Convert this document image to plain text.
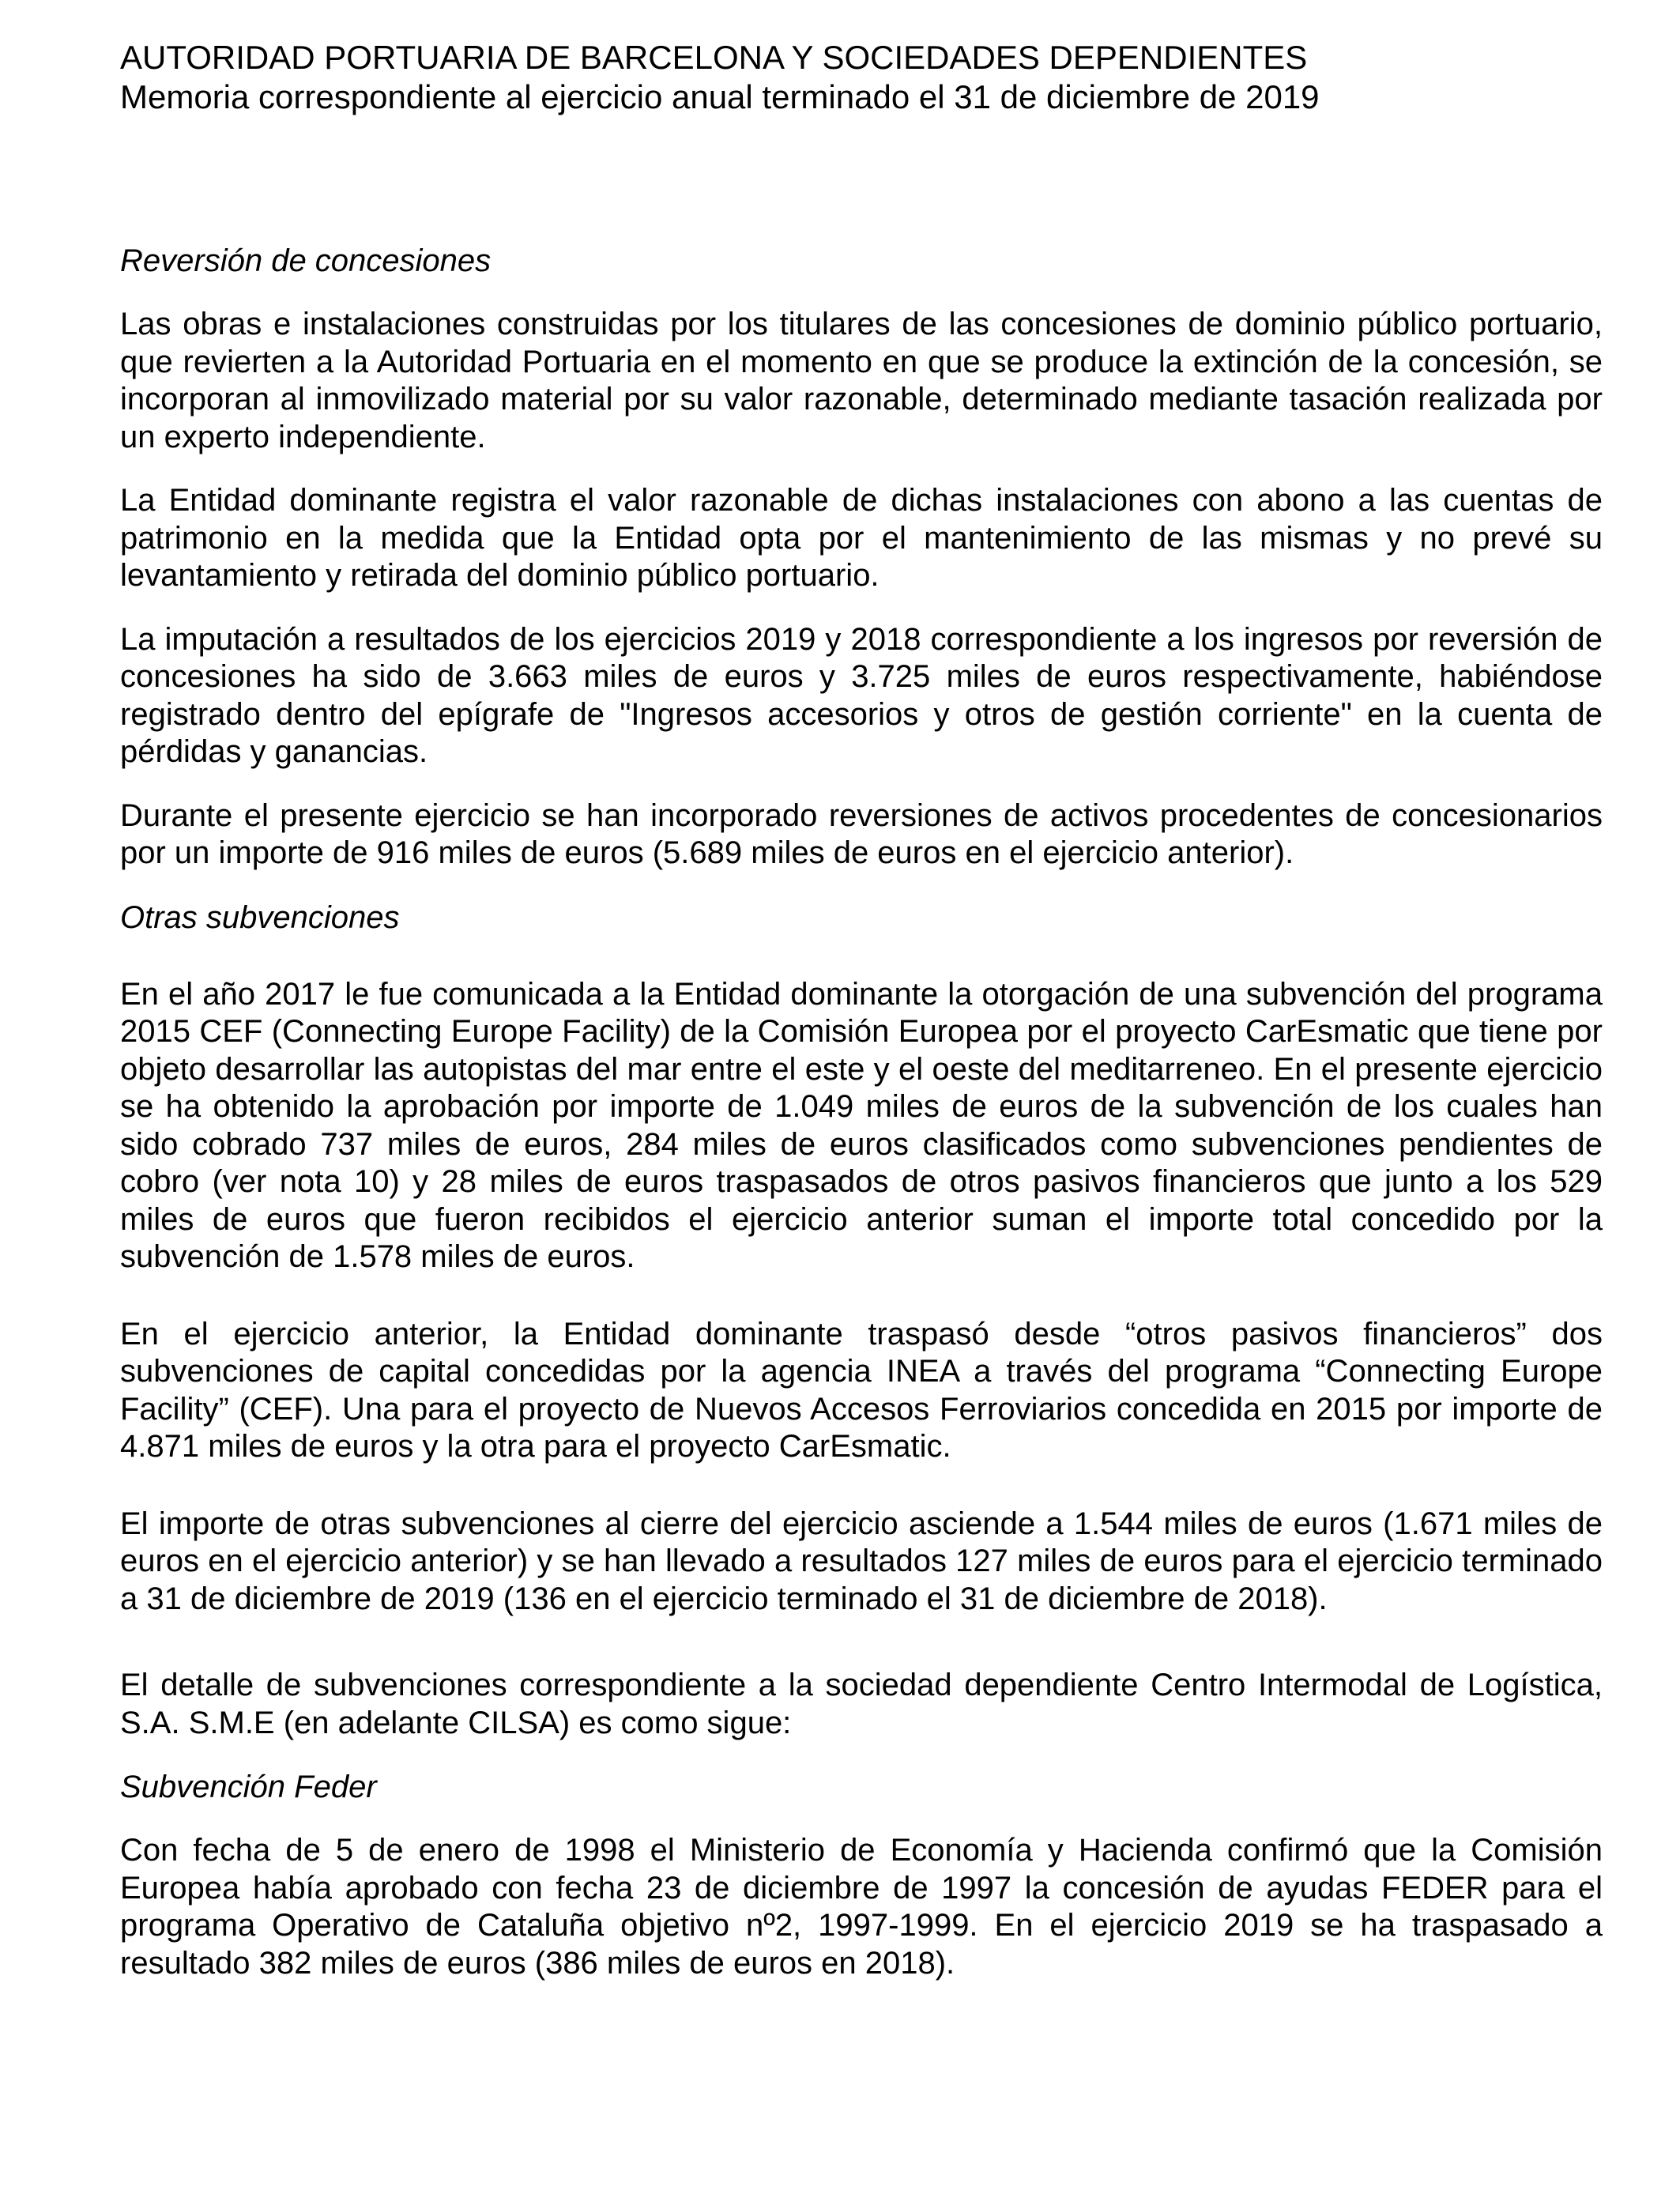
AUTORIDAD PORTUARIA DE BARCELONA Y SOCIEDADES DEPENDIENTES

Memoria correspondiente al ejercicio anual terminado el 31 de diciembre de 2019

Reversión de concesiones

Las obras e instalaciones construidas por los titulares de las concesiones de dominio público portuario, que revierten a la Autoridad Portuaria en el momento en que se produce la extinción de la concesión, se incorporan al inmovilizado material por su valor razonable, determinado mediante tasación realizada por un experto independiente.

La Entidad dominante registra el valor razonable de dichas instalaciones con abono a las cuentas de patrimonio en la medida que la Entidad opta por el mantenimiento de las mismas y no prevé su levantamiento y retirada del dominio público portuario.

La imputación a resultados de los ejercicios 2019 y 2018 correspondiente a los ingresos por reversión de concesiones ha sido de 3.663 miles de euros y 3.725 miles de euros respectivamente, habiéndose registrado dentro del epígrafe de "Ingresos accesorios y otros de gestión corriente" en la cuenta de pérdidas y ganancias.

Durante el presente ejercicio se han incorporado reversiones de activos procedentes de concesionarios por un importe de 916 miles de euros (5.689 miles de euros en el ejercicio anterior).

Otras subvenciones

En el año 2017 le fue comunicada a la Entidad dominante la otorgación de una subvención del programa 2015 CEF (Connecting Europe Facility) de la Comisión Europea por el proyecto CarEsmatic que tiene por objeto desarrollar las autopistas del mar entre el este y el oeste del meditarreneo. En el presente ejercicio se ha obtenido la aprobación por importe de 1.049 miles de euros de la subvención de los cuales han sido cobrado 737 miles de euros, 284 miles de euros clasificados como subvenciones pendientes de cobro (ver nota 10) y 28 miles de euros traspasados de otros pasivos financieros que junto a los 529 miles de euros que fueron recibidos el ejercicio anterior suman el importe total concedido por la subvención de 1.578 miles de euros.

En el ejercicio anterior, la Entidad dominante traspasó desde “otros pasivos financieros” dos subvenciones de capital concedidas por la agencia INEA a través del programa “Connecting Europe Facility” (CEF). Una para el proyecto de Nuevos Accesos Ferroviarios concedida en 2015 por importe de 4.871 miles de euros y la otra para el proyecto CarEsmatic.

El importe de otras subvenciones al cierre del ejercicio asciende a 1.544 miles de euros (1.671 miles de euros en el ejercicio anterior) y se han llevado a resultados 127 miles de euros para el ejercicio terminado a 31 de diciembre de 2019 (136 en el ejercicio terminado el 31 de diciembre de 2018).

El detalle de subvenciones correspondiente a la sociedad dependiente Centro Intermodal de Logística, S.A. S.M.E (en adelante CILSA) es como sigue:

Subvención Feder

Con fecha de 5 de enero de 1998 el Ministerio de Economía y Hacienda confirmó que la Comisión Europea había aprobado con fecha 23 de diciembre de 1997 la concesión de ayudas FEDER para el programa Operativo de Cataluña objetivo nº2, 1997-1999. En el ejercicio 2019 se ha traspasado a resultado 382 miles de euros (386 miles de euros en 2018).
